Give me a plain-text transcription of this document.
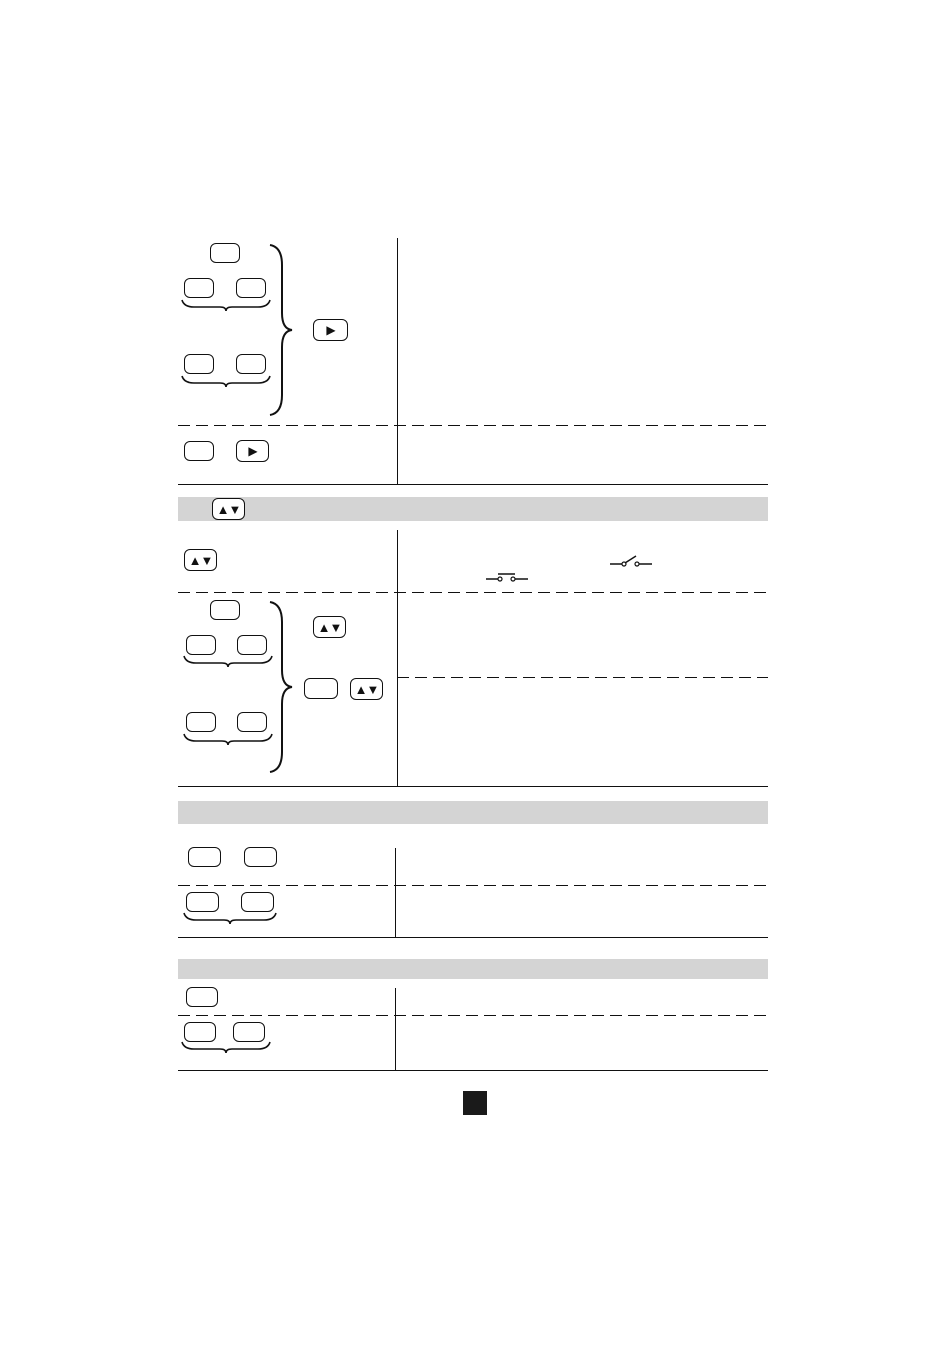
▶
▶
▲▼
▲▼
▲▼
▲▼
